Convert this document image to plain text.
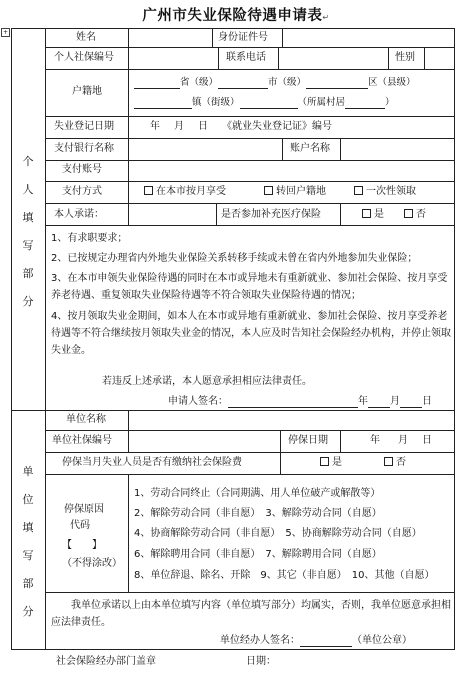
广州市失业保险待遇申请表↵
+
个
人
填
写
部
分
单
位
填
写
部
分
姓名	身份证件号
个人社保编号	联系电话	性别
户籍地
省（级）	市（级）	区（县级）
镇（街级）	（所属村居	）
失业登记日期	年 月 日 《就业失业登记证》编号
支付银行名称	账户名称
支付账号
支付方式	在本市按月享受	转回户籍地	一次性领取
本人承诺：	是否参加补充医疗保险	是	否
1、有求职要求；
2、已按规定办理省内外地失业保险关系转移手续或未曾在省内外地参加失业保险；
3、在本市申领失业保险待遇的同时在本市或异地未有重新就业、参加社会保险、按月享受养老待遇、重复领取失业保险待遇等不符合领取失业保险待遇的情况；
4、按月领取失业金期间，如本人在本市或异地有重新就业、参加社会保险、按月享受养老待遇等不符合继续按月领取失业金的情况，本人应及时告知社会保险经办机构，并停止领取失业金。
若违反上述承诺，本人愿意承担相应法律责任。
申请人签名：	年 月 日
单位名称
单位社保编号	停保日期	年 月 日
停保当月失业人员是否有缴纳社会保险费	是	否
停保原因
代码
【　　】
（不得涂改）
1、劳动合同终止（合同期满、用人单位破产或解散等）
2、解除劳动合同（非自愿）　3、解除劳动合同（自愿）
4、协商解除劳动合同（非自愿）　5、协商解除劳动合同（自愿）
6、解除聘用合同（非自愿）　7、解除聘用合同（自愿）
8、单位辞退、除名、开除　9、其它（非自愿）　10、其他（自愿）
我单位承诺以上由本单位填写内容（单位填写部分）均属实，否则，我单位愿意承担相应法律责任。
单位经办人签名：	（单位公章）
社会保险经办部门盖章	日期：
